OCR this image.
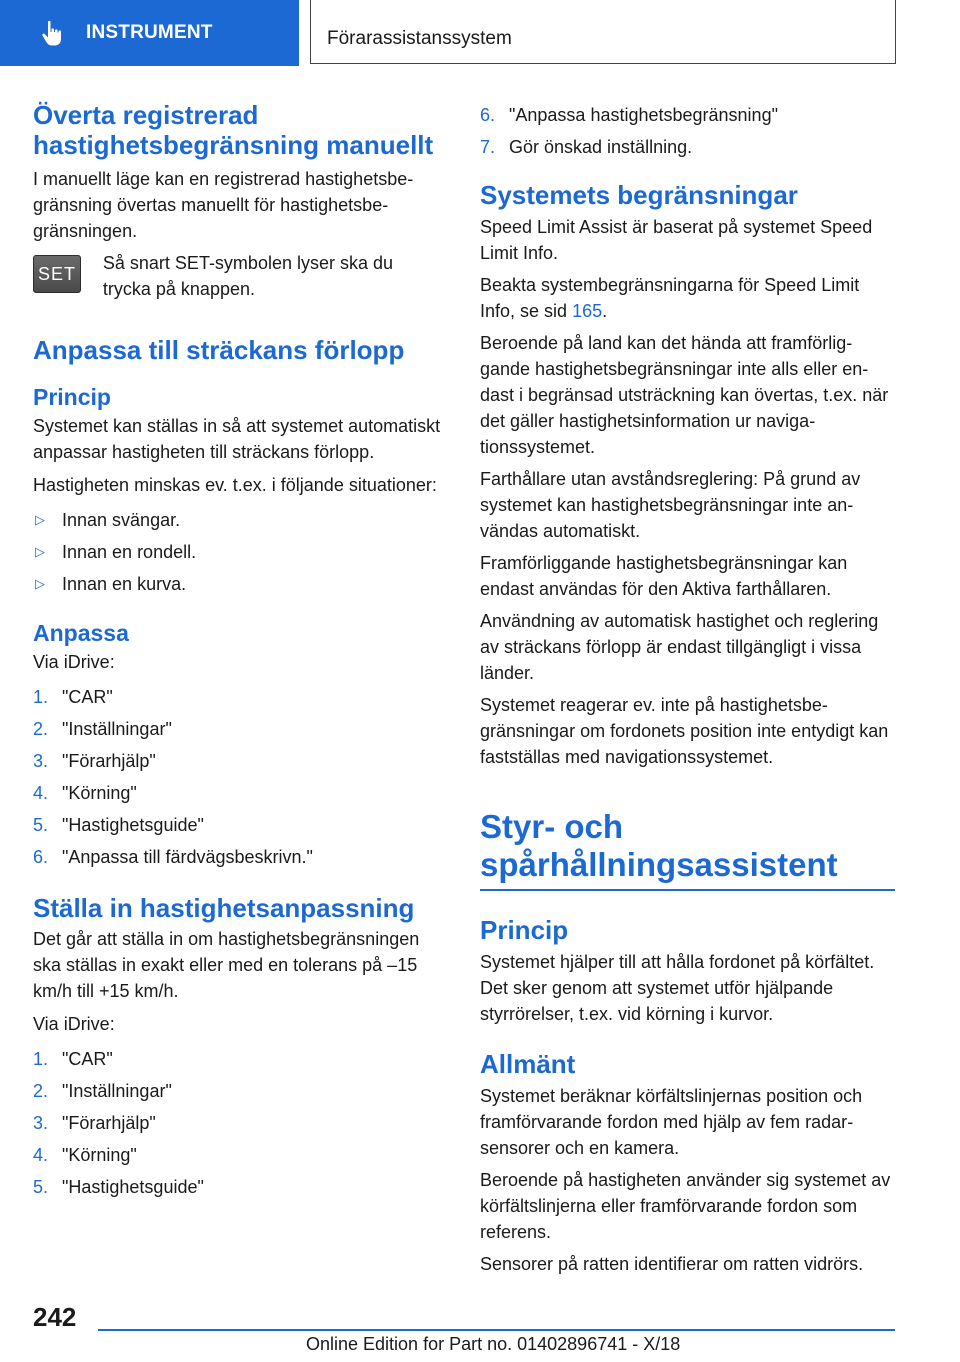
INSTRUMENT	Förarassistanssystem
Överta registrerad hastighetsbegränsning manuellt
I manuellt läge kan en registrerad hastighetsbegränsning övertas manuellt för hastighetsbegränsningen.
SET
Så snart SET-symbolen lyser ska du trycka på knappen.
Anpassa till sträckans förlopp
Princip
Systemet kan ställas in så att systemet automatiskt anpassar hastigheten till sträckans förlopp.
Hastigheten minskas ev. t.ex. i följande situationer:
▷ Innan svängar.
▷ Innan en rondell.
▷ Innan en kurva.
Anpassa
Via iDrive:
1. "CAR"
2. "Inställningar"
3. "Förarhjälp"
4. "Körning"
5. "Hastighetsguide"
6. "Anpassa till färdvägsbeskrivn."
Ställa in hastighetsanpassning
Det går att ställa in om hastighetsbegränsningen ska ställas in exakt eller med en tolerans på –15 km/h till +15 km/h.
Via iDrive:
1. "CAR"
2. "Inställningar"
3. "Förarhjälp"
4. "Körning"
5. "Hastighetsguide"
6. "Anpassa hastighetsbegränsning"
7. Gör önskad inställning.
Systemets begränsningar
Speed Limit Assist är baserat på systemet Speed Limit Info.
Beakta systembegränsningarna för Speed Limit Info, se sid 165.
Beroende på land kan det hända att framförliggande hastighetsbegränsningar inte alls eller endast i begränsad utsträckning kan övertas, t.ex. när det gäller hastighetsinformation ur navigationssystemet.
Farthållare utan avståndsreglering: På grund av systemet kan hastighetsbegränsningar inte användas automatiskt.
Framförliggande hastighetsbegränsningar kan endast användas för den Aktiva farthållaren.
Användning av automatisk hastighet och reglering av sträckans förlopp är endast tillgängligt i vissa länder.
Systemet reagerar ev. inte på hastighetsbegränsningar om fordonets position inte entydigt kan fastställas med navigationssystemet.
Styr- och spårhållningsassistent
Princip
Systemet hjälper till att hålla fordonet på körfältet. Det sker genom att systemet utför hjälpande styrrörelser, t.ex. vid körning i kurvor.
Allmänt
Systemet beräknar körfältslinjernas position och framförvarande fordon med hjälp av fem radarsensorer och en kamera.
Beroende på hastigheten använder sig systemet av körfältslinjerna eller framförvarande fordon som referens.
Sensorer på ratten identifierar om ratten vidrörs.
242
Online Edition for Part no. 01402896741 - X/18
